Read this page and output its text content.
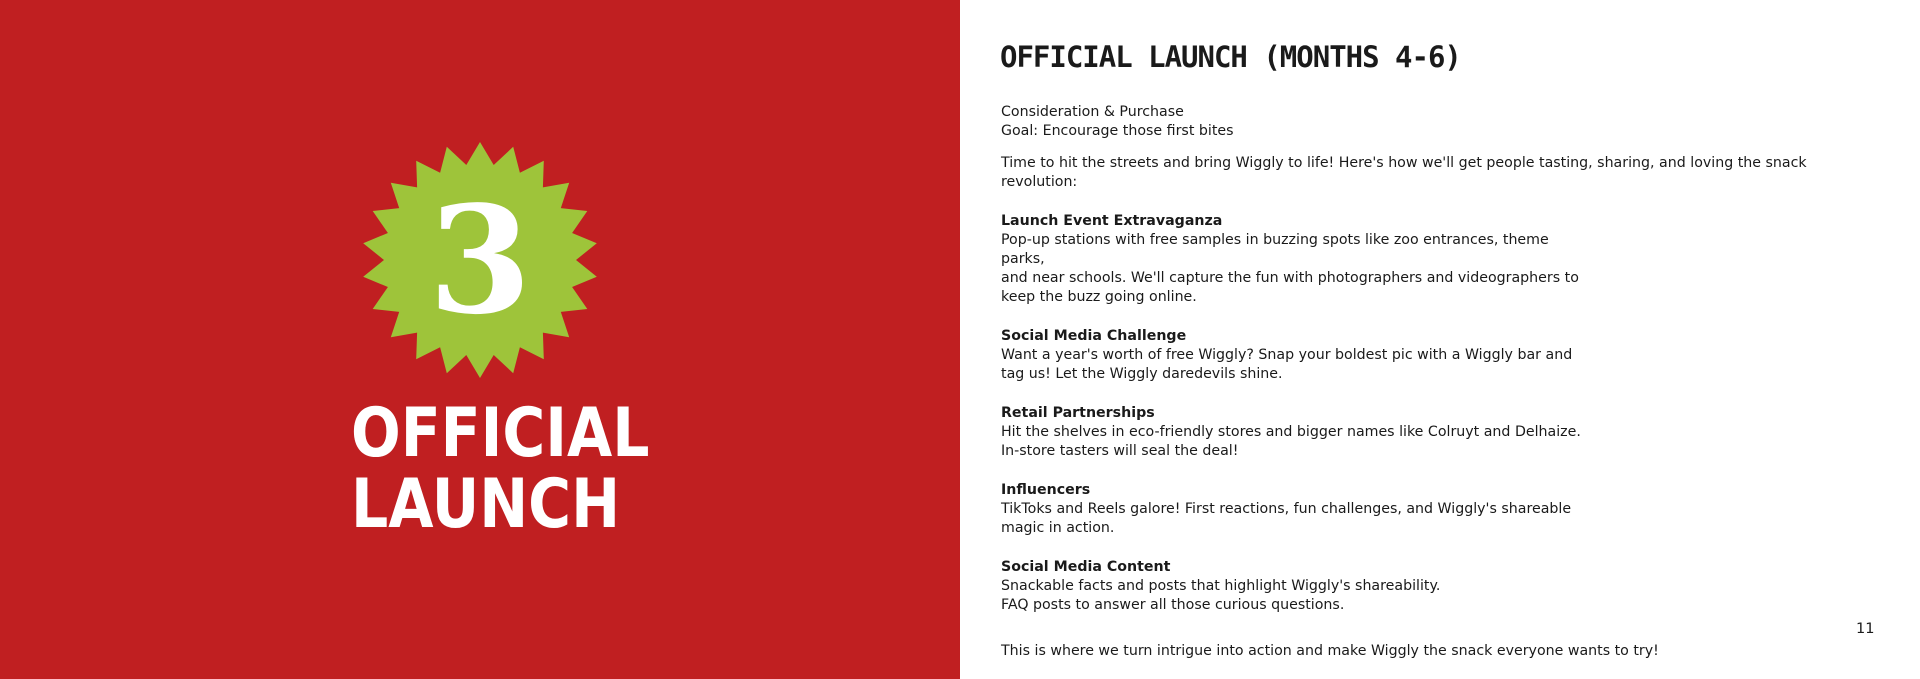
3
OFFICIAL
LAUNCH
OFFICIAL LAUNCH (MONTHS 4-6)

Consideration & Purchase

Goal: Encourage those first bites

Time to hit the streets and bring Wiggly to life! Here's how we'll get people tasting, sharing, and loving the snack revolution:

Launch Event Extravaganza
Pop-up stations with free samples in buzzing spots like zoo entrances, theme parks,
and near schools. We'll capture the fun with photographers and videographers to
keep the buzz going online.
Social Media Challenge
Want a year's worth of free Wiggly? Snap your boldest pic with a Wiggly bar and
tag us! Let the Wiggly daredevils shine.
Retail Partnerships
Hit the shelves in eco-friendly stores and bigger names like Colruyt and Delhaize.
In-store tasters will seal the deal!
Influencers
TikToks and Reels galore! First reactions, fun challenges, and Wiggly's shareable
magic in action.
Social Media Content
Snackable facts and posts that highlight Wiggly's shareability.
FAQ posts to answer all those curious questions.

This is where we turn intrigue into action and make Wiggly the snack everyone wants to try!

11
